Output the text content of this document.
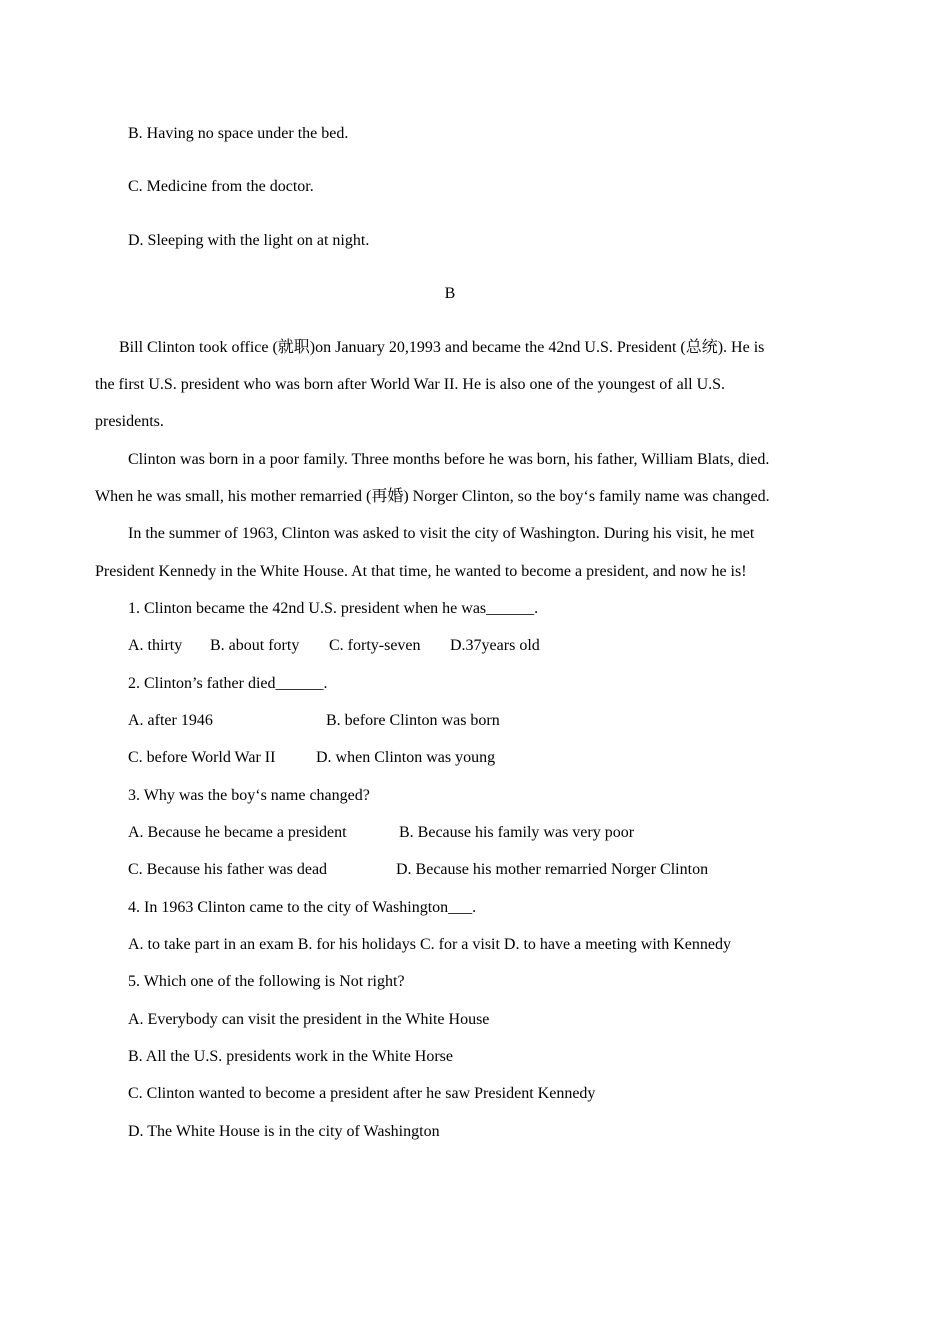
B. Having no space under the bed.
C. Medicine from the doctor.
D. Sleeping with the light on at night.
B
Bill Clinton took office (就职)on January 20,1993 and became the 42nd U.S. President (总统). He is
the first U.S. president who was born after World War II. He is also one of the youngest of all U.S.
presidents.
Clinton was born in a poor family. Three months before he was born, his father, William Blats, died.
When he was small, his mother remarried (再婚) Norger Clinton, so the boy‘s family name was changed.
In the summer of 1963, Clinton was asked to visit the city of Washington. During his visit, he met
President Kennedy in the White House. At that time, he wanted to become a president, and now he is!
1. Clinton became the 42nd U.S. president when he was______.
A. thirty B. about forty C. forty-seven D.37years old
2. Clinton’s father died______.
A. after 1946	B. before Clinton was born
C. before World War II	D. when Clinton was young
3. Why was the boy‘s name changed?
A. Because he became a president	B. Because his family was very poor
C. Because his father was dead	D. Because his mother remarried Norger Clinton
4. In 1963 Clinton came to the city of Washington___.
A. to take part in an exam B. for his holidays C. for a visit D. to have a meeting with Kennedy
5. Which one of the following is Not right?
A. Everybody can visit the president in the White House
B. All the U.S. presidents work in the White Horse
C. Clinton wanted to become a president after he saw President Kennedy
D. The White House is in the city of Washington
